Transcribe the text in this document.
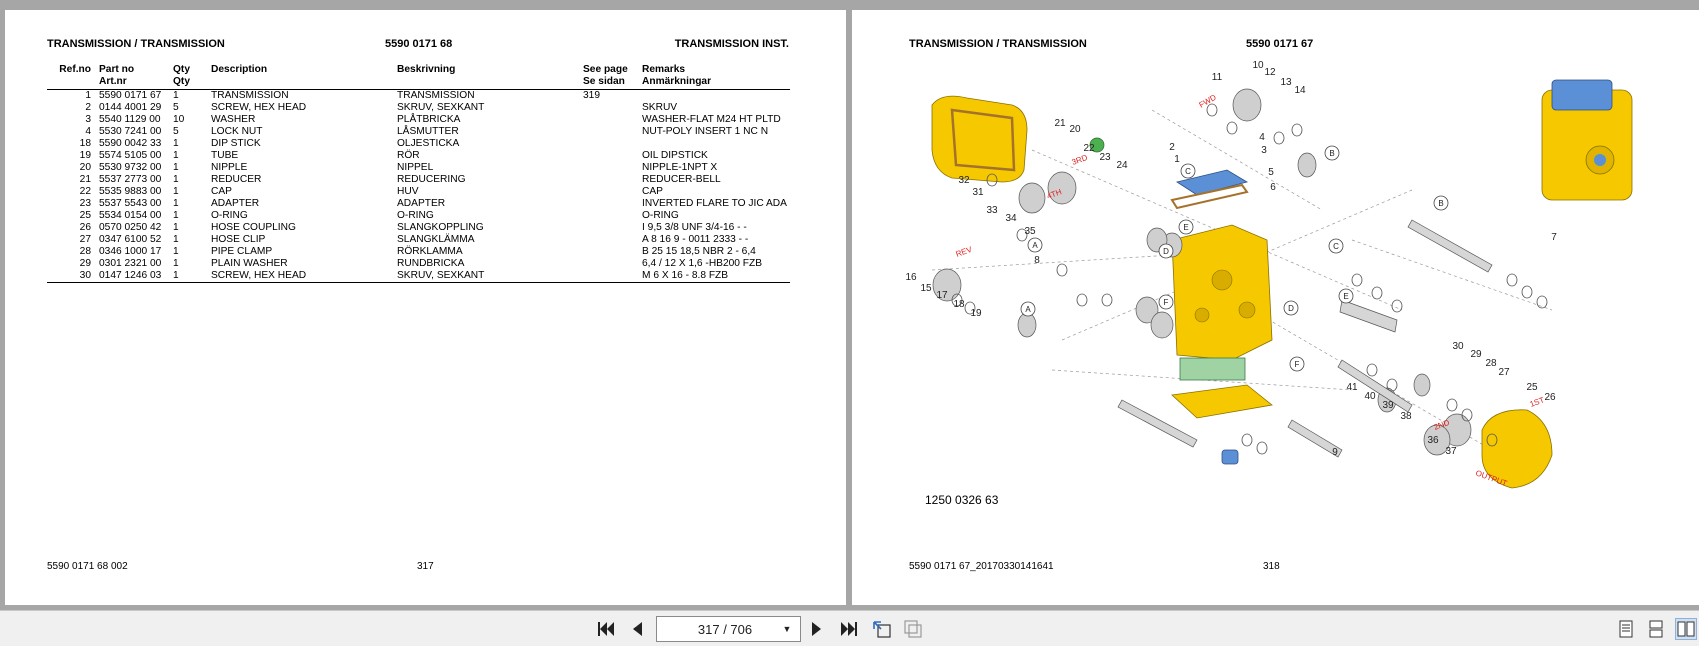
TRANSMISSION / TRANSMISSION	5590 0171 68	TRANSMISSION INST.
Ref.no	Part no	Qty	Description	Beskrivning	See page	Remarks
	Art.nr	Qty			Se sidan	Anmärkningar
1	5590 0171 67	1	TRANSMISSION	TRANSMISSION	319	
2	0144 4001 29	5	SCREW, HEX HEAD	SKRUV, SEXKANT		SKRUV
3	5540 1129 00	10	WASHER	PLÅTBRICKA		WASHER-FLAT M24 HT PLTD
4	5530 7241 00	5	LOCK NUT	LÅSMUTTER		NUT-POLY INSERT 1 NC N
18	5590 0042 33	1	DIP STICK	OLJESTICKA		
19	5574 5105 00	1	TUBE	RÖR		OIL DIPSTICK
20	5530 9732 00	1	NIPPLE	NIPPEL		NIPPLE-1NPT X
21	5537 2773 00	1	REDUCER	REDUCERING		REDUCER-BELL
22	5535 9883 00	1	CAP	HUV		CAP
23	5537 5543 00	1	ADAPTER	ADAPTER		INVERTED FLARE TO JIC ADA
25	5534 0154 00	1	O-RING	O-RING		O-RING
26	0570 0250 42	1	HOSE COUPLING	SLANGKOPPLING		I 9,5 3/8 UNF 3/4-16 - -
27	0347 6100 52	1	HOSE CLIP	SLANGKLÄMMA		A 8 16 9 - 0011 2333 - -
28	0346 1000 17	1	PIPE CLAMP	RÖRKLAMMA		B 25 15 18,5 NBR 2 - 6,4
29	0301 2321 00	1	PLAIN WASHER	RUNDBRICKA		6,4 / 12 X 1,6 -HB200 FZB
30	0147 1246 03	1	SCREW, HEX HEAD	SKRUV, SEXKANT		M 6 X 16 - 8.8 FZB
5590 0171 68 002	317
TRANSMISSION / TRANSMISSION	5590 0171 67
A
A
B
B
C
C
D
D
E
E
F
F
1
2	3
4
5
6
7
8
9
10
11	12
13
14
15
16
17
18
19
20
21
22
23
24
25
26
27
28
29
30
31
32
33
34
35
36
37
38
39
40
41
FWD
3RD
4TH
REV
1ST
2ND
OUTPUT
1250 0326 63
5590 0171 67_20170330141641	318
317 / 706
▼
